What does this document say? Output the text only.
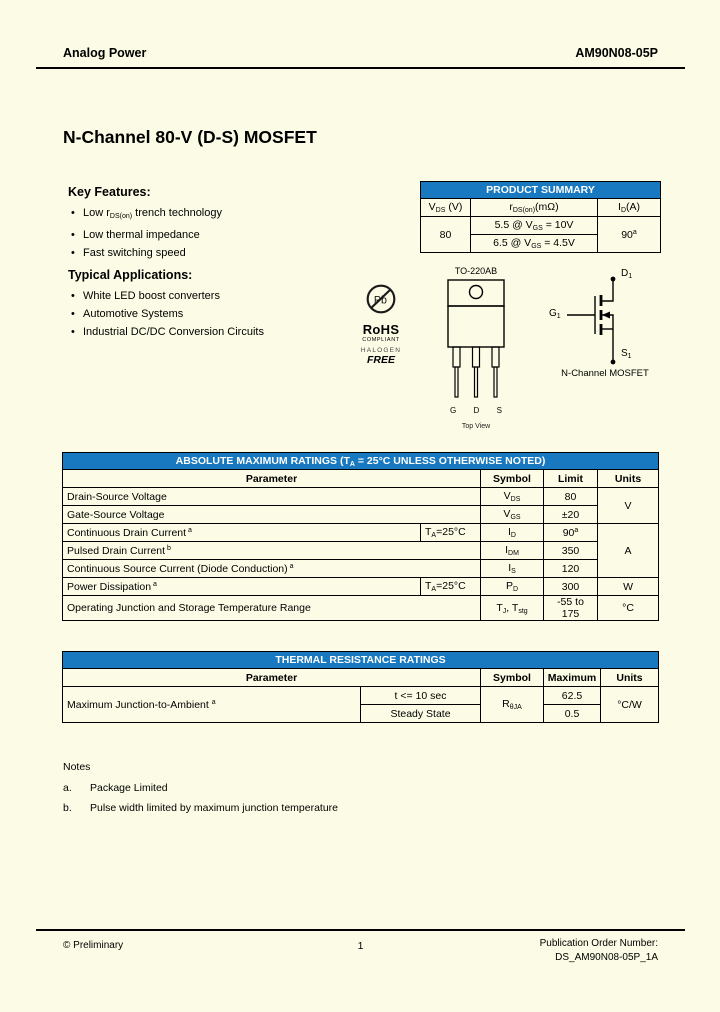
Analog Power	AM90N08-05P
N-Channel 80-V (D-S) MOSFET
Key Features:
• Low $r_{DS(on)}$ trench technology
• Low thermal impedance
• Fast switching speed
PRODUCT SUMMARY		
$V_{DS}$ (V)	$r_{DS(on)}(m\Omega)$	$I_D(A)$
80	5.5 @ $V_{GS} = 10V$	90$^a$
	6.5 @ $V_{GS} = 4.5V$	
Typical Applications:
• White LED boost converters
• Automotive Systems
• Industrial DC/DC Conversion Circuits
Pb
RoHS
COMPLIANT
HALOGEN
FREE
TO-220AB
G D S
Top View
$D_1$
$G_1$
$S_1$
N-Channel MOSFET
ABSOLUTE MAXIMUM RATINGS ($T_A = 25^\circ C$ UNLESS OTHERWISE NOTED)				
Parameter		Symbol	Limit	Units
Drain-Source Voltage		$V_{DS}$	80	V
Gate-Source Voltage		$V_{GS}$	±20	
Continuous Drain Current $^a$	$T_A=25^\circ C$	$I_D$	90$^a$	A
Pulsed Drain Current $^b$		$I_{DM}$	350	
Continuous Source Current (Diode Conduction) $^a$		$I_S$	120	
Power Dissipation $^a$	$T_A=25^\circ C$	$P_D$	300	W
Operating Junction and Storage Temperature Range		$T_J$, $T_{stg}$	-55 to 175	°C
THERMAL RESISTANCE RATINGS				
Parameter		Symbol	Maximum	Units
Maximum Junction-to-Ambient $^a$	t <= 10 sec	$R_{\theta JA}$	62.5	°C/W
	Steady State		0.5	
Notes
a.	Package Limited
b.	Pulse width limited by maximum junction temperature
© Preliminary	1	Publication Order Number:
DS_AM90N08-05P_1A
